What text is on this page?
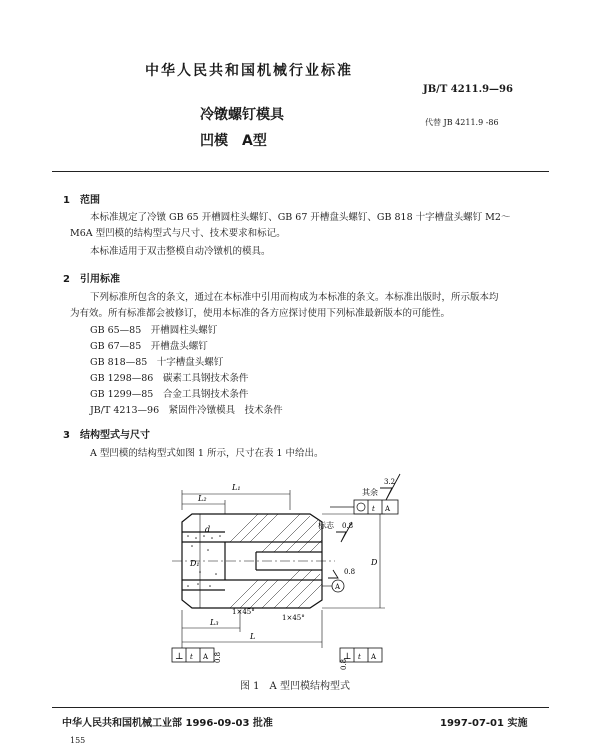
中华人民共和国机械行业标准
JB/T 4211.9—96
冷镦螺钉模具
凹模　A型
代替 JB 4211.9 -86
1　范围
本标准规定了冷镦 GB 65 开槽圆柱头螺钉、GB 67 开槽盘头螺钉、GB 818 十字槽盘头螺钉 M2～
M6A 型凹模的结构型式与尺寸、技术要求和标记。
本标准适用于双击整模自动冷镦机的模具。
2　引用标准
下列标准所包含的条文，通过在本标准中引用而构成为本标准的条文。本标准出版时，所示版本均
为有效。所有标准都会被修订，使用本标准的各方应探讨使用下列标准最新版本的可能性。
GB 65—85　开槽圆柱头螺钉
GB 67—85　开槽盘头螺钉
GB 818—85　十字槽盘头螺钉
GB 1298—86　碳素工具钢技术条件
GB 1299—85　合金工具钢技术条件
JB/T 4213—96　紧固件冷镦模具　技术条件
3　结构型式与尺寸
A 型凹模的结构型式如图 1 所示，尺寸在表 1 中给出。
L₁
L₂
d
D₁	D
1×45°
1×45°
L₃
L
标志
其余
3.2
0.8
0.8
0.8
0.8
A
t A
⊥ t A	⊥ t A
图 1　A 型凹模结构型式
中华人民共和国机械工业部 1996-09-03 批准	1997-07-01 实施
155
